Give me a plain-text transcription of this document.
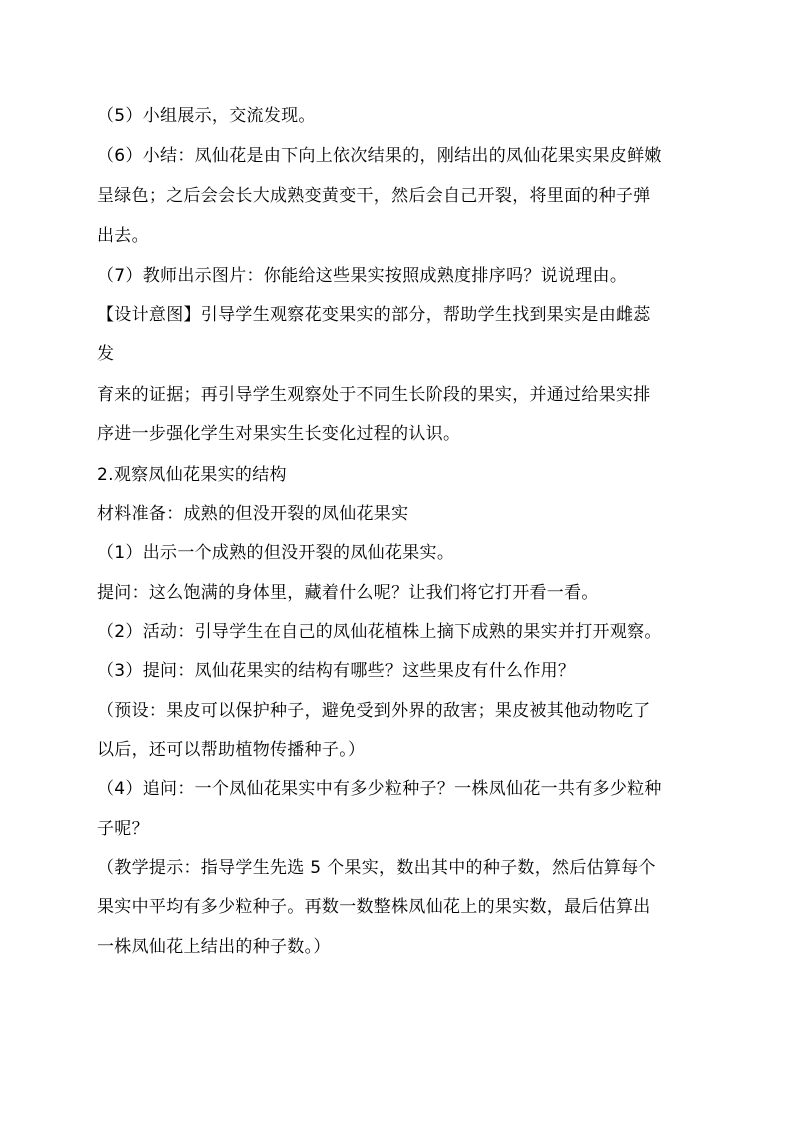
（5）小组展示，交流发现。
（6）小结：凤仙花是由下向上依次结果的，刚结出的凤仙花果实果皮鲜嫩
呈绿色；之后会会长大成熟变黄变干，然后会自己开裂，将里面的种子弹
出去。
（7）教师出示图片：你能给这些果实按照成熟度排序吗？说说理由。
【设计意图】引导学生观察花变果实的部分，帮助学生找到果实是由雌蕊
发
育来的证据；再引导学生观察处于不同生长阶段的果实，并通过给果实排
序进一步强化学生对果实生长变化过程的认识。
2.观察凤仙花果实的结构
材料准备：成熟的但没开裂的凤仙花果实
（1）出示一个成熟的但没开裂的凤仙花果实。
提问：这么饱满的身体里，藏着什么呢？让我们将它打开看一看。
（2）活动：引导学生在自己的凤仙花植株上摘下成熟的果实并打开观察。
（3）提问：凤仙花果实的结构有哪些？这些果皮有什么作用？
（预设：果皮可以保护种子，避免受到外界的敌害；果皮被其他动物吃了
以后，还可以帮助植物传播种子。）
（4）追问：一个凤仙花果实中有多少粒种子？一株凤仙花一共有多少粒种
子呢？
（教学提示：指导学生先选 5 个果实，数出其中的种子数，然后估算每个
果实中平均有多少粒种子。再数一数整株凤仙花上的果实数，最后估算出
一株凤仙花上结出的种子数。）
